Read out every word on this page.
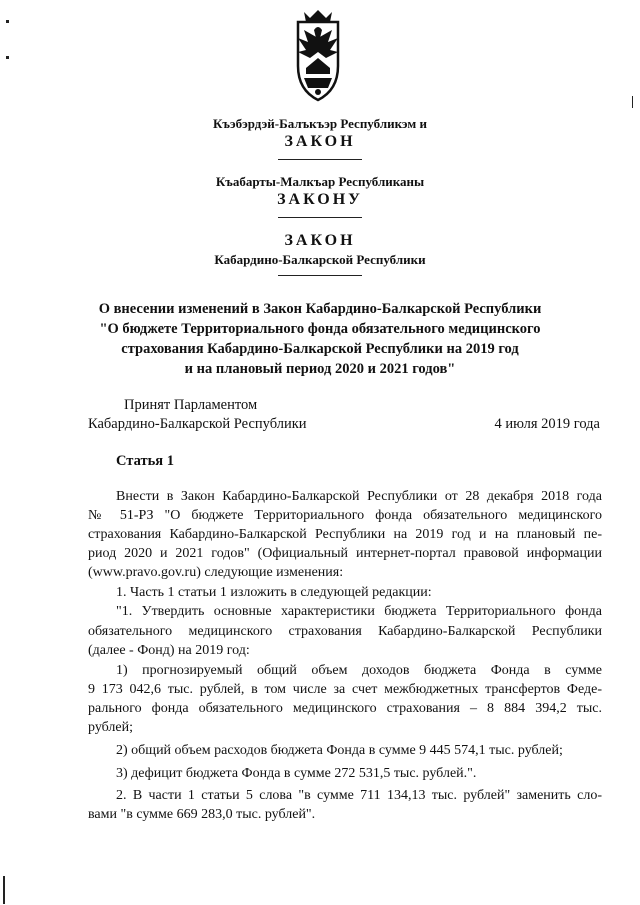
Къэбэрдэй-Балъкъэр Республикэм и
ЗАКОН
Къабарты-Малкъар Республиканы
ЗАКОНУ
ЗАКОН
Кабардино-Балкарской Республики
О внесении изменений в Закон Кабардино-Балкарской Республики
"О бюджете Территориального фонда обязательного медицинского
страхования Кабардино-Балкарской Республики на 2019 год
и на плановый период 2020 и 2021 годов"
Принят Парламентом
Кабардино-Балкарской Республики	4 июля 2019 года
Статья 1
Внести в Закон Кабардино-Балкарской Республики от 28 декабря 2018 года
№ 51-РЗ "О бюджете Территориального фонда обязательного медицинского
страхования Кабардино-Балкарской Республики на 2019 год и на плановый пе-
риод 2020 и 2021 годов" (Официальный интернет-портал правовой информации
(www.pravo.gov.ru) следующие изменения:
1. Часть 1 статьи 1 изложить в следующей редакции:
"1. Утвердить основные характеристики бюджета Территориального фонда
обязательного медицинского страхования Кабардино-Балкарской Республики
(далее - Фонд) на 2019 год:
1) прогнозируемый общий объем доходов бюджета Фонда в сумме
9 173 042,6 тыс. рублей, в том числе за счет межбюджетных трансфертов Феде-
рального фонда обязательного медицинского страхования – 8 884 394,2 тыс.
рублей;
2) общий объем расходов бюджета Фонда в сумме 9 445 574,1 тыс. рублей;
3) дефицит бюджета Фонда в сумме 272 531,5 тыс. рублей.".
2. В части 1 статьи 5 слова "в сумме 711 134,13 тыс. рублей" заменить сло-
вами "в сумме 669 283,0 тыс. рублей".
